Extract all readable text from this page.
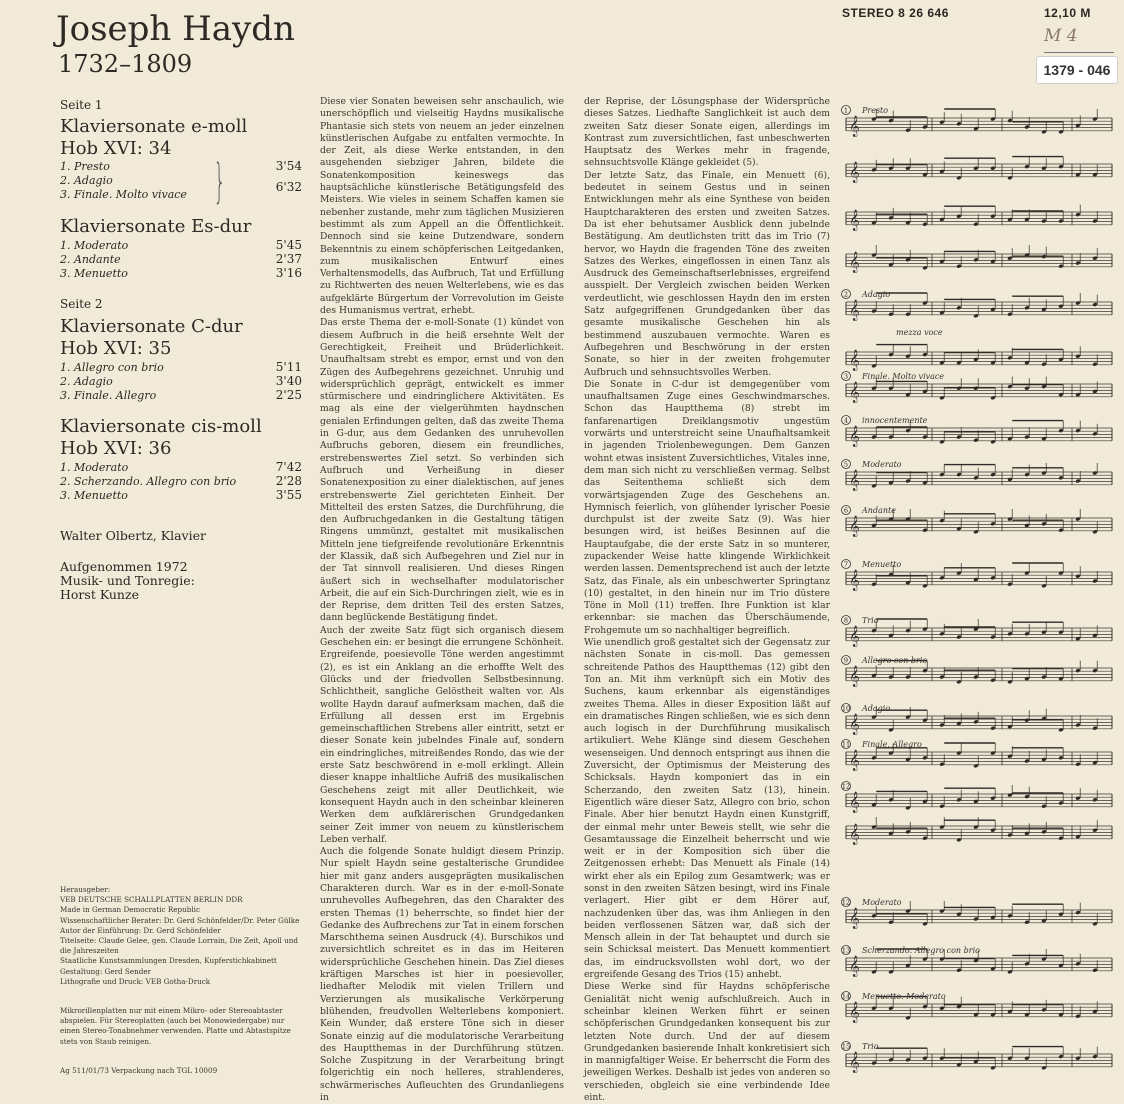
Joseph Haydn
1732–1809
STEREO 8 26 646	12,10 M
M 4
1379 - 046
Seite 1
Klaviersonate e-moll
Hob XVI: 34
1. Presto
2. Adagio
3. Finale. Molto vivace }	3'54
6'32
Klaviersonate Es-dur
1. Moderato
2. Andante
3. Menuetto
5'45
2'37
3'16
Seite 2
Klaviersonate C-dur
Hob XVI: 35
1. Allegro con brio
2. Adagio
3. Finale. Allegro
5'11
3'40
2'25
Klaviersonate cis-moll
Hob XVI: 36
1. Moderato
2. Scherzando. Allegro con brio
3. Menuetto
7'42
2'28
3'55
Walter Olbertz, Klavier
Aufgenommen 1972
Musik- und Tonregie:
Horst Kunze

Herausgeber:

VEB DEUTSCHE SCHALLPLATTEN BERLIN DDR

Made in German Democratic Republic

Wissenschaftlicher Berater: Dr. Gerd Schönfelder/Dr. Peter Gülke

Autor der Einführung: Dr. Gerd Schönfelder

Titelseite: Claude Gelee, gen. Claude Lorrain, Die Zeit, Apoll und die Jahreszeiten

Staatliche Kunstsammlungen Dresden, Kupferstichkabinett

Gestaltung: Gerd Sender

Lithografie und Druck: VEB Gotha-Druck

Mikrorillenplatten nur mit einem Mikro- oder Stereoabtaster abspielen. Für Stereoplatten (auch bei Monowiedergabe) nur einen Stereo-Tonabnehmer verwenden. Platte und Abtastspitze stets von Staub reinigen.
Ag 511/01/73 Verpackung nach TGL 10009

Diese vier Sonaten beweisen sehr anschaulich, wie unerschöpflich und vielseitig Haydns musikalische Phantasie sich stets von neuem an jeder einzelnen künstlerischen Aufgabe zu entfalten vermochte. In der Zeit, als diese Werke entstanden, in den ausgehenden siebziger Jahren, bildete die Sonatenkomposition keineswegs das hauptsächliche künstlerische Betätigungsfeld des Meisters. Wie vieles in seinem Schaffen kamen sie nebenher zustande, mehr zum täglichen Musizieren bestimmt als zum Appell an die Öffentlichkeit. Dennoch sind sie keine Dutzendware, sondern Bekenntnis zu einem schöpferischen Leitgedanken, zum musikalischen Entwurf eines Verhaltensmodells, das Aufbruch, Tat und Erfüllung zu Richtwerten des neuen Welterlebens, wie es das aufgeklärte Bürgertum der Vorrevolution im Geiste des Humanismus vertrat, erhebt.

Das erste Thema der e-moll-Sonate (1) kündet von diesem Aufbruch in die heiß ersehnte Welt der Gerechtigkeit, Freiheit und Brüderlichkeit. Unaufhaltsam strebt es empor, ernst und von den Zügen des Aufbegehrens gezeichnet. Unruhig und widersprüchlich geprägt, entwickelt es immer stürmischere und eindringlichere Aktivitäten. Es mag als eine der vielgerühmten haydnschen genialen Erfindungen gelten, daß das zweite Thema in G-dur, aus dem Gedanken des unruhevollen Aufbruchs geboren, diesem ein freundliches, erstrebenswertes Ziel setzt. So verbinden sich Aufbruch und Verheißung in dieser Sonatenexposition zu einer dialektischen, auf jenes erstrebenswerte Ziel gerichteten Einheit. Der Mittelteil des ersten Satzes, die Durchführung, die den Aufbruchgedanken in die Gestaltung tätigen Ringens ummünzt, gestaltet mit musikalischen Mitteln jene tiefgreifende revolutionäre Erkenntnis der Klassik, daß sich Aufbegehren und Ziel nur in der Tat sinnvoll realisieren. Und dieses Ringen äußert sich in wechselhafter modulatorischer Arbeit, die auf ein Sich-Durchringen zielt, wie es in der Reprise, dem dritten Teil des ersten Satzes, dann beglückende Bestätigung findet.

Auch der zweite Satz fügt sich organisch diesem Geschehen ein: er besingt die errungene Schönheit. Ergreifende, poesievolle Töne werden angestimmt (2), es ist ein Anklang an die erhoffte Welt des Glücks und der friedvollen Selbstbesinnung. Schlichtheit, sangliche Gelöstheit walten vor. Als wollte Haydn darauf aufmerksam machen, daß die Erfüllung all dessen erst im Ergebnis gemeinschaftlichen Strebens aller eintritt, setzt er dieser Sonate kein jubelndes Finale auf, sondern ein eindringliches, mitreißendes Rondo, das wie der erste Satz beschwörend in e-moll erklingt. Allein dieser knappe inhaltliche Aufriß des musikalischen Geschehens zeigt mit aller Deutlichkeit, wie konsequent Haydn auch in den scheinbar kleineren Werken dem aufklärerischen Grundgedanken seiner Zeit immer von neuem zu künstlerischem Leben verhalf.

Auch die folgende Sonate huldigt diesem Prinzip. Nur spielt Haydn seine gestalterische Grundidee hier mit ganz anders ausgeprägten musikalischen Charakteren durch. War es in der e-moll-Sonate unruhevolles Aufbegehren, das den Charakter des ersten Themas (1) beherrschte, so findet hier der Gedanke des Aufbrechens zur Tat in einem forschen Marschthema seinen Ausdruck (4). Burschikos und zuversichtlich schreitet es in das im Heiteren widersprüchliche Geschehen hinein. Das Ziel dieses kräftigen Marsches ist hier in poesievoller, liedhafter Melodik mit vielen Trillern und Verzierungen als musikalische Verkörperung blühenden, freudvollen Welterlebens komponiert. Kein Wunder, daß erstere Töne sich in dieser Sonate einzig auf die modulatorische Verarbeitung des Hauptthemas in der Durchführung stützen. Solche Zuspitzung in der Verarbeitung bringt folgerichtig ein noch helleres, strahlenderes, schwärmerisches Aufleuchten des Grundanliegens in

der Reprise, der Lösungsphase der Widersprüche dieses Satzes. Liedhafte Sanglichkeit ist auch dem zweiten Satz dieser Sonate eigen, allerdings im Kontrast zum zuversichtlichen, fast unbeschwerten Hauptsatz des Werkes mehr in fragende, sehnsuchtsvolle Klänge gekleidet (5).

Der letzte Satz, das Finale, ein Menuett (6), bedeutet in seinem Gestus und in seinen Entwicklungen mehr als eine Synthese von beiden Hauptcharakteren des ersten und zweiten Satzes. Da ist eher behutsamer Ausblick denn jubelnde Bestätigung. Am deutlichsten tritt das im Trio (7) hervor, wo Haydn die fragenden Töne des zweiten Satzes des Werkes, eingeflossen in einen Tanz als Ausdruck des Gemeinschaftserlebnisses, ergreifend ausspielt. Der Vergleich zwischen beiden Werken verdeutlicht, wie geschlossen Haydn den im ersten Satz aufgegriffenen Grundgedanken über das gesamte musikalische Geschehen hin als bestimmend auszubauen vermochte. Waren es Aufbegehren und Beschwörung in der ersten Sonate, so hier in der zweiten frohgemuter Aufbruch und sehnsuchtsvolles Werben.

Die Sonate in C-dur ist demgegenüber vom unaufhaltsamen Zuge eines Geschwindmarsches. Schon das Hauptthema (8) strebt im fanfarenartigen Dreiklangsmotiv ungestüm vorwärts und unterstreicht seine Unaufhaltsamkeit in jagenden Triolenbewegungen. Dem Ganzen wohnt etwas insistent Zuversichtliches, Vitales inne, dem man sich nicht zu verschließen vermag. Selbst das Seitenthema schließt sich dem vorwärtsjagenden Zuge des Geschehens an. Hymnisch feierlich, von glühender lyrischer Poesie durchpulst ist der zweite Satz (9). Was hier besungen wird, ist heißes Besinnen auf die Hauptaufgabe, die der erste Satz in so munterer, zupackender Weise hatte klingende Wirklichkeit werden lassen. Dementsprechend ist auch der letzte Satz, das Finale, als ein unbeschwerter Springtanz (10) gestaltet, in den hinein nur im Trio düstere Töne in Moll (11) treffen. Ihre Funktion ist klar erkennbar: sie machen das Überschäumende, Frohgemute um so nachhaltiger begreiflich.

Wie unendlich groß gestaltet sich der Gegensatz zur nächsten Sonate in cis-moll. Das gemessen schreitende Pathos des Hauptthemas (12) gibt den Ton an. Mit ihm verknüpft sich ein Motiv des Suchens, kaum erkennbar als eigenständiges zweites Thema. Alles in dieser Exposition läßt auf ein dramatisches Ringen schließen, wie es sich denn auch logisch in der Durchführung musikalisch artikuliert. Wehe Klänge sind diesem Geschehen wesenseigen. Und dennoch entspringt aus ihnen die Zuversicht, der Optimismus der Meisterung des Schicksals. Haydn komponiert das in ein Scherzando, den zweiten Satz (13), hinein. Eigentlich wäre dieser Satz, Allegro con brio, schon Finale. Aber hier benutzt Haydn einen Kunstgriff, der einmal mehr unter Beweis stellt, wie sehr die Gesamtaussage die Einzelheit beherrscht und wie weit er in der Komposition sich über die Zeitgenossen erhebt: Das Menuett als Finale (14) wirkt eher als ein Epilog zum Gesamtwerk; was er sonst in den zweiten Sätzen besingt, wird ins Finale verlagert. Hier gibt er dem Hörer auf, nachzudenken über das, was ihm Anliegen in den beiden verflossenen Sätzen war, daß sich der Mensch allein in der Tat behauptet und durch sie sein Schicksal meistert. Das Menuett kommentiert das, im eindrucksvollsten wohl dort, wo der ergreifende Gesang des Trios (15) anhebt.

Diese Werke sind für Haydns schöpferische Genialität nicht wenig aufschlußreich. Auch in scheinbar kleinen Werken führt er seinen schöpferischen Grundgedanken konsequent bis zur letzten Note durch. Und der auf diesem Grundgedanken basierende Inhalt konkretisiert sich in mannigfaltiger Weise. Er beherrscht die Form des jeweiligen Werkes. Deshalb ist jedes von anderen so verschieden, obgleich sie eine verbindende Idee eint.

𝄞
1 Presto
𝄞
𝄞
𝄞
𝄞
2 Adagio
𝄞
𝄞
3 Finale. Molto vivace
𝄞
4 innocentemente
𝄞
5 Moderato
𝄞
6 Andante
𝄞
7 Menuetto
𝄞
8 Trio
𝄞
9 Allegro con brio
𝄞
10 Adagio
𝄞
11 Finale. Allegro
𝄞
12
𝄞
𝄞
12 Moderato
𝄞
13 Scherzando. Allegro con brio
𝄞
14 Menuetto. Moderato
𝄞
15 Trio
mezza voce
